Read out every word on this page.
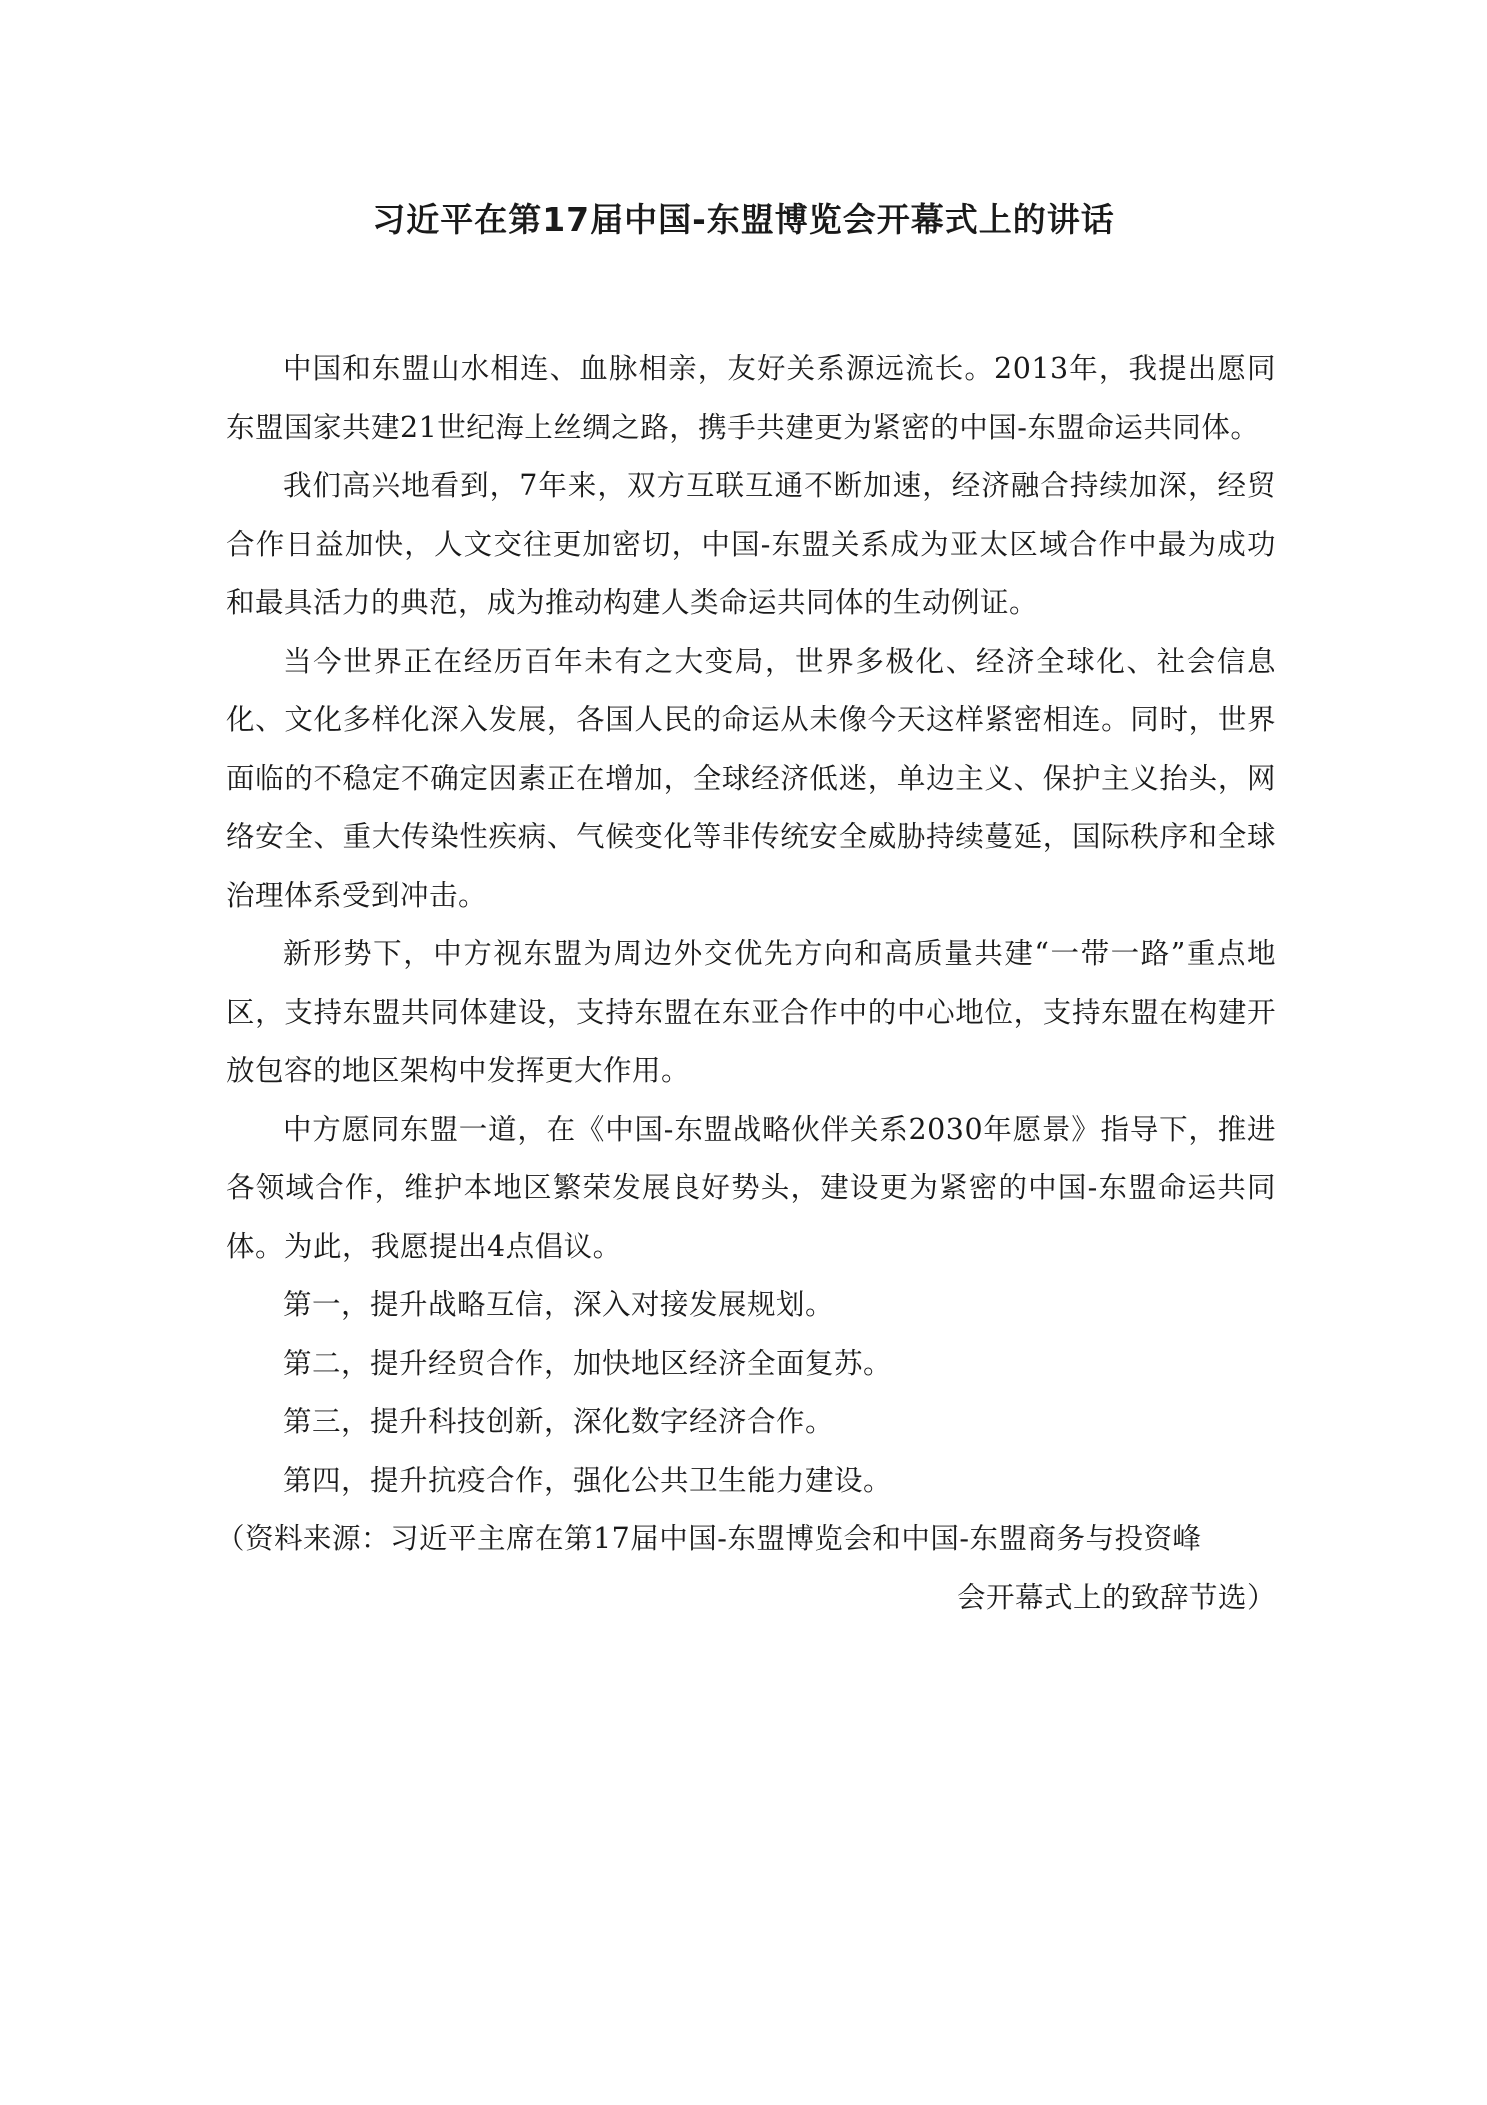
习近平在第17届中国-东盟博览会开幕式上的讲话

中国和东盟山水相连、血脉相亲，友好关系源远流长。2013年，我提出愿同东盟国家共建21世纪海上丝绸之路，携手共建更为紧密的中国-东盟命运共同体。

我们高兴地看到，7年来，双方互联互通不断加速，经济融合持续加深，经贸合作日益加快，人文交往更加密切，中国-东盟关系成为亚太区域合作中最为成功和最具活力的典范，成为推动构建人类命运共同体的生动例证。

当今世界正在经历百年未有之大变局，世界多极化、经济全球化、社会信息化、文化多样化深入发展，各国人民的命运从未像今天这样紧密相连。同时，世界面临的不稳定不确定因素正在增加，全球经济低迷，单边主义、保护主义抬头，网络安全、重大传染性疾病、气候变化等非传统安全威胁持续蔓延，国际秩序和全球治理体系受到冲击。

新形势下，中方视东盟为周边外交优先方向和高质量共建“一带一路”重点地区，支持东盟共同体建设，支持东盟在东亚合作中的中心地位，支持东盟在构建开放包容的地区架构中发挥更大作用。

中方愿同东盟一道，在《中国-东盟战略伙伴关系2030年愿景》指导下，推进各领域合作，维护本地区繁荣发展良好势头，建设更为紧密的中国-东盟命运共同体。为此，我愿提出4点倡议。

第一，提升战略互信，深入对接发展规划。

第二，提升经贸合作，加快地区经济全面复苏。

第三，提升科技创新，深化数字经济合作。

第四，提升抗疫合作，强化公共卫生能力建设。

（资料来源：习近平主席在第17届中国-东盟博览会和中国-东盟商务与投资峰
会开幕式上的致辞节选）
